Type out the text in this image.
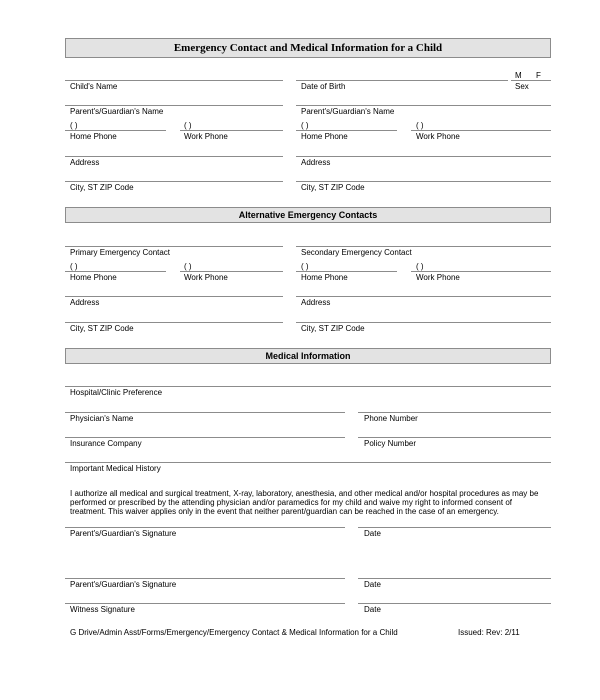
Emergency Contact and Medical Information for a Child
M F
Child's Name	Date of Birth	Sex
Parent's/Guardian's Name	Parent's/Guardian's Name
( )	( )	( )	( )
Home Phone	Work Phone	Home Phone	Work Phone
Address	Address
City, ST ZIP Code	City, ST ZIP Code
Alternative Emergency Contacts
Primary Emergency Contact	Secondary Emergency Contact
( )	( )	( )	( )
Home Phone	Work Phone	Home Phone	Work Phone
Address	Address
City, ST ZIP Code	City, ST ZIP Code
Medical Information
Hospital/Clinic Preference
Physician's Name	Phone Number
Insurance Company	Policy Number
Important Medical History
I authorize all medical and surgical treatment, X-ray, laboratory, anesthesia, and other medical and/or hospital procedures as may be performed or prescribed by the attending physician and/or paramedics for my child and waive my right to informed consent of treatment. This waiver applies only in the event that neither parent/guardian can be reached in the case of an emergency.
Parent's/Guardian's Signature	Date
Parent's/Guardian's Signature	Date
Witness Signature	Date
G Drive/Admin Asst/Forms/Emergency/Emergency Contact & Medical Information for a Child	Issued: Rev: 2/11
